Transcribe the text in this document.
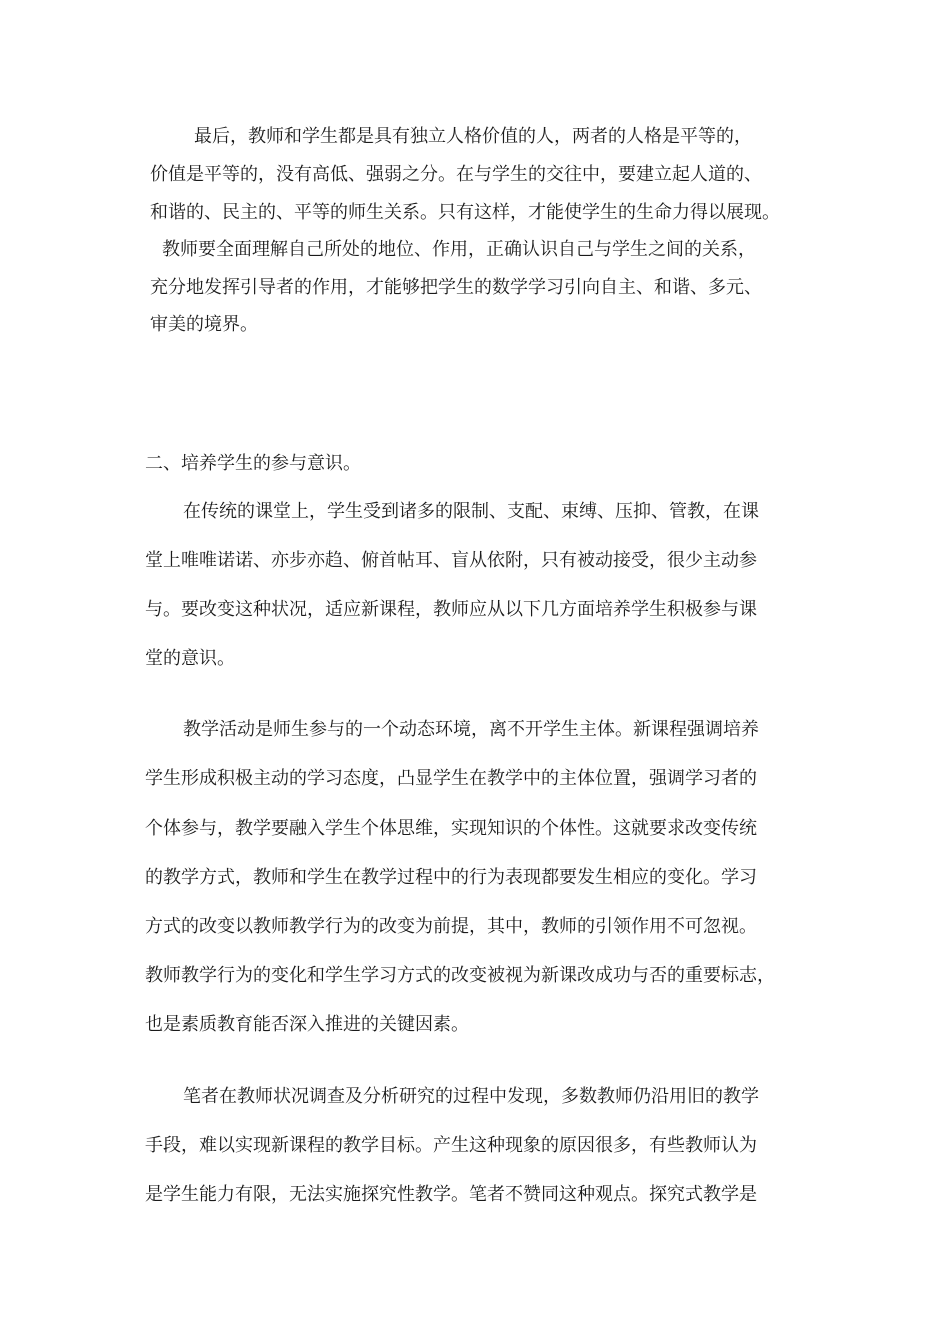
　　最后，教师和学生都是具有独立人格价值的人，两者的人格是平等的，
价值是平等的，没有高低、强弱之分。在与学生的交往中，要建立起人道的、
和谐的、民主的、平等的师生关系。只有这样，才能使学生的生命力得以展现。
教师要全面理解自己所处的地位、作用，正确认识自己与学生之间的关系，
充分地发挥引导者的作用，才能够把学生的数学学习引向自主、和谐、多元、
审美的境界。
二、培养学生的参与意识。
在传统的课堂上，学生受到诸多的限制、支配、束缚、压抑、管教，在课
堂上唯唯诺诺、亦步亦趋、俯首帖耳、盲从依附，只有被动接受，很少主动参
与。要改变这种状况，适应新课程，教师应从以下几方面培养学生积极参与课
堂的意识。
教学活动是师生参与的一个动态环境，离不开学生主体。新课程强调培养
学生形成积极主动的学习态度，凸显学生在教学中的主体位置，强调学习者的
个体参与，教学要融入学生个体思维，实现知识的个体性。这就要求改变传统
的教学方式，教师和学生在教学过程中的行为表现都要发生相应的变化。学习
方式的改变以教师教学行为的改变为前提，其中，教师的引领作用不可忽视。
教师教学行为的变化和学生学习方式的改变被视为新课改成功与否的重要标志，
也是素质教育能否深入推进的关键因素。
笔者在教师状况调查及分析研究的过程中发现，多数教师仍沿用旧的教学
手段，难以实现新课程的教学目标。产生这种现象的原因很多，有些教师认为
是学生能力有限，无法实施探究性教学。笔者不赞同这种观点。探究式教学是
